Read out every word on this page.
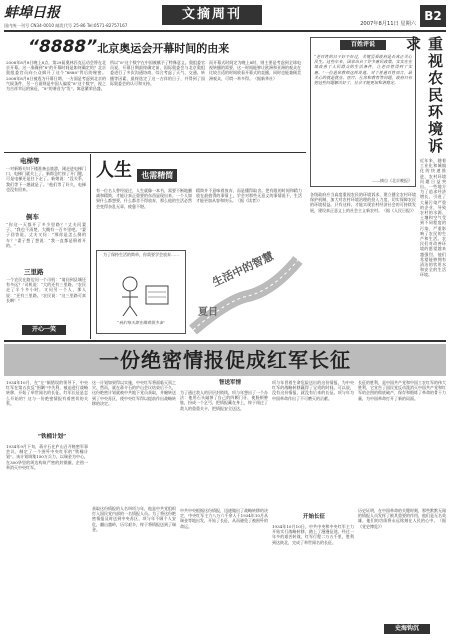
蚌埠日报
国内统一刊号 CN34-0010 邮发代号 25-86 Tel:0571-82757167
文摘周刊
2007年8月11日 星期六
B2
“8888”北京奥运会开幕时间的由来
2008年8月8日晚上8点，第29届奥林匹克运动会将在北京开幕。这一准确到“8”的开幕时间是如何确定的？北京奥组委官员向公众揭开了这个“8888”背后的秘密。2008年8月8日被选为开幕日期，一方面是考虑到北京的气候条件，另一方面则是中国人偏爱“8”这个数字，视之为吉祥幸运的象征，“8”的谐音为“发”，寓意繁荣昌盛。
所以“8”这个数字在中国被赋予了特殊意义。奥组委官员说，开幕日期最终确定前，国际奥委会与北京奥组委进行了多次沟通协商，综合考虑了天气、交通、转播等因素，最终选定了这一吉祥的日子，并得到了国际奥委会的认可和支持。
而开幕式时间定为晚上8时，则主要是考虑到全球电视转播的需要，这一时间能够让欧洲和亚洲的观众在比较合适的时间收看开幕式的直播，同时也能兼顾美洲观众，可谓一举多得。（据新华社）
电梯等
一对新婚夫妇下楼准备去旅游，刚走进电梯门口，电梯门就关上了。新郎急忙按了开门键，可是电梯还是往下走了。新娘说：“没关系，我们等下一趟就是了。”他们等了好久，电梯也没有回来。
倒车
“你这一天都开了多少里路？”丈夫问妻子。“我也不清楚，大概有一百多里吧。”妻子回答说。丈夫又问：“那你是怎么倒的车？”妻子想了想说：“我一直都是倒着开的。”
三里路
一个农民在路边问一个司机：“请问到县城还有多远？”司机说：“大约还有三里路。”农民走了半个多小时，又问另一个人，那人说：“还有三里路。”农民说：“这三里路可真长啊！”
开心一笑
人生 也需精简
有一位名人曾经说过，人生就像一本书，需要不断地删减和精简，才能让真正重要的东西显现出来。一个人如果什么都想要，什么都舍不得放弃，那么他的生活必然会变得杂乱无章，疲惫不堪。
精简并不意味着放弃，而是懂得取舍。把有限的时间和精力放在最值得的事情上，学会对那些无意义的事情说不，生活才能更加从容和快乐。（据《读者》）
为了保持生活的简单，你需要学会放弃……
“我们每天都在做着很多事”
生活中的智慧
夏日
百姓评说
“老百姓的日子好不好过，关键要看政府是否真正关心民生。这些年来，国家出台了许多惠民政策，实实在在地改善了人民群众的生活条件，让老百姓得到了实惠。”一位退休教师这样说道。对于普通百姓而言，最关心的就是就业、医疗、住房和教育等问题，政府只有把这些问题解决好了，社会才能更加和谐稳定。
——摘自《北京晚报》
各级政府应当高度重视农民的环境诉求，建立健全农村环境保护机制，加大对农村环境治理的投入力度，切实保障农民的环境权益。只有这样，才能实现农村经济社会的可持续发展，建设真正意义上的社会主义新农村。（据《人民日报》）
重视农民环境诉求
近年来，随着工业化和城镇化的快速推进，农村环境问题日益突出。一些地方为了追求经济增长，引进了大量污染严重的企业，导致农村的水源、土壤和空气受到不同程度的污染，严重影响了农民的生产和生活。农民们对改善环境的愿望越来越强烈，他们希望能够拥有清洁的饮用水和安全的生活环境。
一份绝密情报促成红军长征
1934年10月，在“左”倾错误的领导下，中央红军在第五次反“围剿”中失利，被迫进行战略转移，开始了举世闻名的长征。红军长征是怎么开始的？这与一份绝密情报有着密切的关系。
“铁桶计划”
1934年9月下旬，蒋介石在庐山召开秘密军事会议，制定了一个围歼中央红军的“铁桶计划”。该计划调集150万兵力，以瑞金为中心，在300华里的周边构筑严密的封锁圈，企图一举消灭中央红军。
这一计划如果得以实施，中央红军将面临灭顶之灾。然而，就在蒋介石的庐山会议结束后不久，这份绝密计划就被中共地下党员获取，并辗转送到了中央苏区，使中央红军得以提前作出战略转移的决定。
获取这份情报的人名叫项与年，他是中共党组织打入国民党内部的一名情报人员。为了将这份绝密情报及时送到中央苏区，项与年不顾个人安危，翻山越岭，历尽艰辛，终于将情报送到了瑞金。
智送军情
为了通过敌人的层层封锁线，项与年想出了一个办法：他用石头敲掉了自己的四颗门牙，使脸颊肿胀，扮成一个乞丐，把情报藏在身上，终于闯过了敌人的重重关卡，把情报安全送达。
中共中央根据这份情报，迅速做出了战略转移的决定，中央红军主力八万六千余人于1934年10月从瑞金等地出发，开始了长征，从而避免了被围歼的命运。
项与年冒着生命危险送出的这份情报，为中央红军的战略转移赢得了宝贵的时间。可以说，没有这份情报，就没有后来的长征。项与年为中国革命作出了不可磨灭的贡献。
开始长征
1934年10月10日，中共中央和中央红军主力开始实行战略转移，踏上了漫漫征途。经过一年多的艰苦转战，红军行程二万五千里，胜利到达陕北，完成了举世闻名的长征。
长征的胜利，是中国共产党和中国工农红军的伟大胜利，它宣告了国民党反动派消灭中国共产党和红军的企图的彻底破产，保存和锻炼了革命的骨干力量，为中国革命打开了新的局面。
历史证明，在中国革命的关键时刻，那些默默无闻的情报人员发挥了极其重要的作用，他们是无名英雄，他们的功绩将永远铭刻在人民的心中。（据《党史博览》）
史海钩沉
